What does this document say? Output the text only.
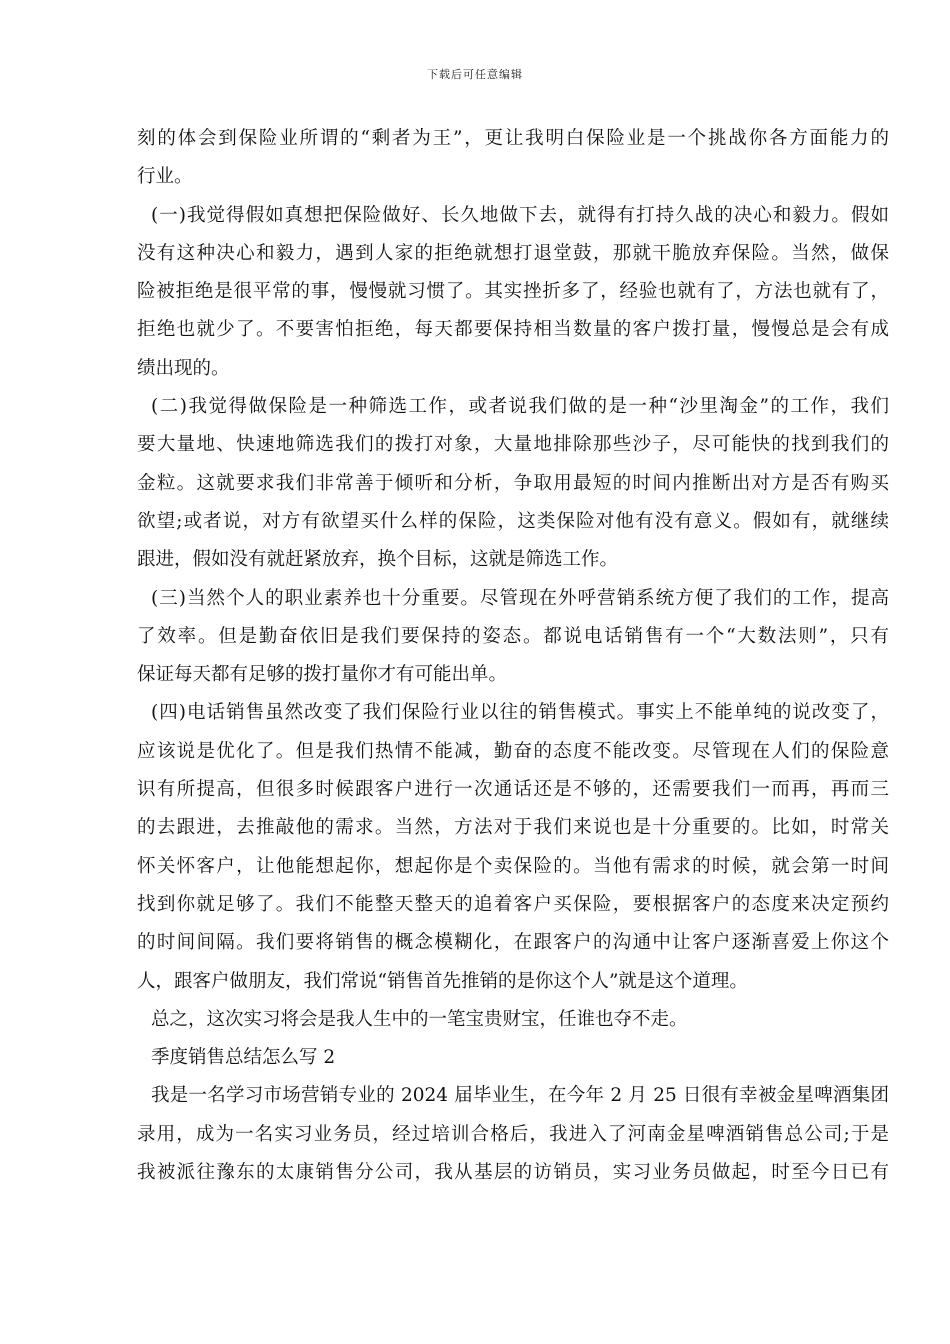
下载后可任意编辑
刻的体会到保险业所谓的“剩者为王”，更让我明白保险业是一个挑战你各方面能力的
行业。
(一)我觉得假如真想把保险做好、长久地做下去，就得有打持久战的决心和毅力。假如
没有这种决心和毅力，遇到人家的拒绝就想打退堂鼓，那就干脆放弃保险。当然，做保
险被拒绝是很平常的事，慢慢就习惯了。其实挫折多了，经验也就有了，方法也就有了，
拒绝也就少了。不要害怕拒绝，每天都要保持相当数量的客户拨打量，慢慢总是会有成
绩出现的。
(二)我觉得做保险是一种筛选工作，或者说我们做的是一种“沙里淘金”的工作，我们
要大量地、快速地筛选我们的拨打对象，大量地排除那些沙子，尽可能快的找到我们的
金粒。这就要求我们非常善于倾听和分析，争取用最短的时间内推断出对方是否有购买
欲望;或者说，对方有欲望买什么样的保险，这类保险对他有没有意义。假如有，就继续
跟进，假如没有就赶紧放弃，换个目标，这就是筛选工作。
(三)当然个人的职业素养也十分重要。尽管现在外呼营销系统方便了我们的工作，提高
了效率。但是勤奋依旧是我们要保持的姿态。都说电话销售有一个“大数法则”，只有
保证每天都有足够的拨打量你才有可能出单。
(四)电话销售虽然改变了我们保险行业以往的销售模式。事实上不能单纯的说改变了，
应该说是优化了。但是我们热情不能减，勤奋的态度不能改变。尽管现在人们的保险意
识有所提高，但很多时候跟客户进行一次通话还是不够的，还需要我们一而再，再而三
的去跟进，去推敲他的需求。当然，方法对于我们来说也是十分重要的。比如，时常关
怀关怀客户，让他能想起你，想起你是个卖保险的。当他有需求的时候，就会第一时间
找到你就足够了。我们不能整天整天的追着客户买保险，要根据客户的态度来决定预约
的时间间隔。我们要将销售的概念模糊化，在跟客户的沟通中让客户逐渐喜爱上你这个
人，跟客户做朋友，我们常说“销售首先推销的是你这个人”就是这个道理。
总之，这次实习将会是我人生中的一笔宝贵财宝，任谁也夺不走。
季度销售总结怎么写 2
我是一名学习市场营销专业的 2024 届毕业生，在今年 2 月 25 日很有幸被金星啤酒集团
录用，成为一名实习业务员，经过培训合格后，我进入了河南金星啤酒销售总公司;于是
我被派往豫东的太康销售分公司，我从基层的访销员，实习业务员做起，时至今日已有
